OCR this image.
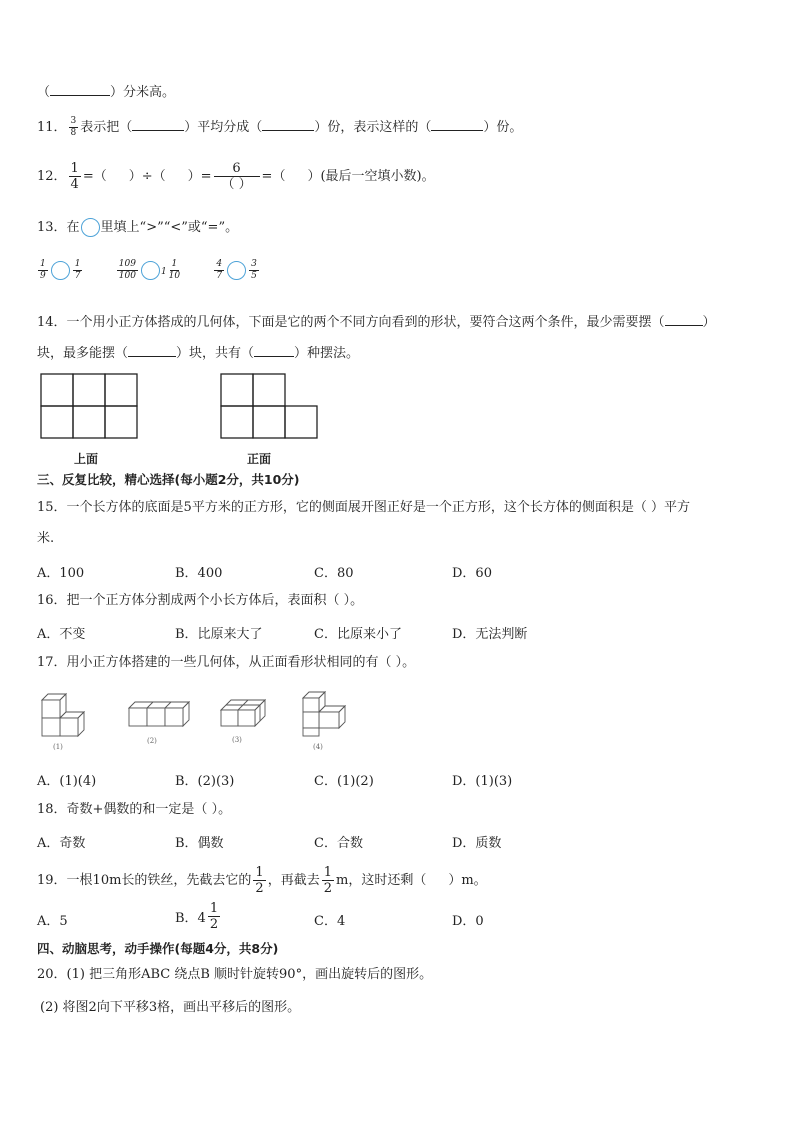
（	）分米高。
11． $\frac{3}{8}$ 表示把（	）平均分成（	）份，表示这样的（	）份。
12． $\frac{1}{4}$ =（ ）÷（ ）= $\frac{6}{( )}$ =（ ）(最后一空填小数)。
13．在 里填上“>”“<”或“=”。
$\frac{1}{9}$	$\frac{1}{7}$
	$\frac{109}{100}$	$1 \frac{1}{10}$
	$\frac{4}{7}$	$\frac{3}{5}$
14．一个用小正方体搭成的几何体，下面是它的两个不同方向看到的形状，要符合这两个条件，最少需要摆（	）
块，最多能摆（	）块，共有（	）种摆法。
上面	正面
三、反复比较，精心选择(每小题2分，共10分)
15．一个长方体的底面是5平方米的正方形，它的侧面展开图正好是一个正方形，这个长方体的侧面积是（ ）平方
米.
A．100	B．400	C．80	D．60
16．把一个正方体分割成两个小长方体后，表面积（ ）。
A．不变	B．比原来大了	C．比原来小了	D．无法判断
17．用小正方体搭建的一些几何体，从正面看形状相同的有（ ）。
(1)
(2)	(3)
(4)
A．(1)(4)	B．(2)(3)	C．(1)(2)	D．(1)(3)
18．奇数+偶数的和一定是（ ）。
A．奇数	B．偶数	C．合数	D．质数
19．一根10m长的铁丝，先截去它的 $\frac{1}{2}$ ，再截去 $\frac{1}{2}$ m，这时还剩（ ）m。
A．5	B．$4 \frac{1}{2}$	C．4	D．0
四、动脑思考，动手操作(每题4分，共8分)
20．(1) 把三角形ABC 绕点B 顺时针旋转90°，画出旋转后的图形。
(2) 将图2向下平移3格，画出平移后的图形。
